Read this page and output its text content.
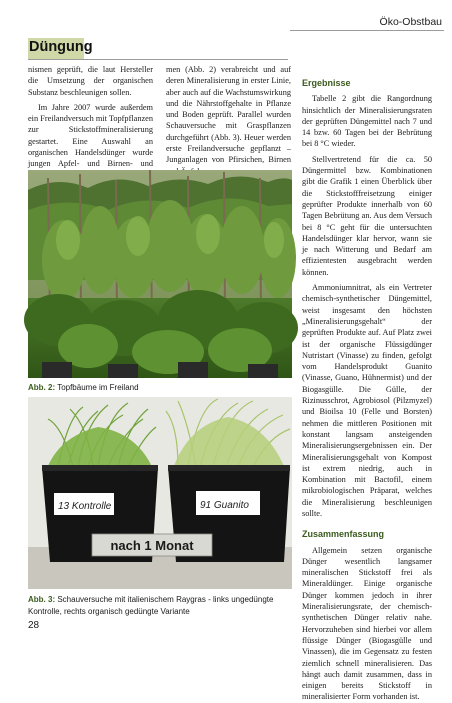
Öko-Obstbau
Düngung

nismen geprüft, die laut Hersteller die Umsetzung der organischen Substanz beschleunigen sollen.

Im Jahre 2007 wurde außerdem ein Freilandversuch mit Topfpflanzen zur Stickstoffmineralisierung gestartet. Eine Auswahl an organischen Handelsdünger wurde jungen Apfel- und Birnen- und

men (Abb. 2) verabreicht und auf deren Mineralisierung in erster Linie, aber auch auf die Wachstumswirkung und die Nährstoffgehalte in Pflanze und Boden geprüft. Parallel wurden Schauversuche mit Graspflanzen durchgeführt (Abb. 3). Heuer werden erste Freilandversuche gepflanzt – Junganlagen von Pfirsichen, Birnen

Abb. 2: Topfbäume im Freiland
13 Kontrolle	91 Guanito
nach 1 Monat
Abb. 3: Schauversuche mit italienischem Raygras - links ungedüngte Kontrolle, rechts organisch gedüngte Variante
Ergebnisse

Tabelle 2 gibt die Rangordnung hinsichtlich der Mineralisierungsraten der geprüften Düngemittel nach 7 und 14 bzw. 60 Tagen bei der Bebrütung bei 8 °C wieder.

Stellvertretend für die ca. 50 Düngermittel bzw. Kombinationen gibt die Grafik 1 einen Überblick über die Stickstofffreisetzung einiger geprüfter Produkte innerhalb von 60 Tagen Bebrütung an. Aus dem Versuch bei 8 °C geht für die untersuchten Handelsdünger klar hervor, wann sie je nach Witterung und Bedarf am effizientesten ausgebracht werden können.

Ammoniumnitrat, als ein Vertreter chemisch-synthetischer Düngemittel, weist insgesamt den höchsten „Mineralisierungsgehalt“ der geprüften Produkte auf. Auf Platz zwei ist der organische Flüssigdünger Nutristart (Vinasse) zu finden, gefolgt vom Handelsprodukt Guanito (Vinasse, Guano, Hühnermist) und der Biogasgülle. Die Gülle, der Rizinusschrot, Agrobiosol (Pilzmyzel) und Bioilsa 10 (Felle und Borsten) nehmen die mittleren Positionen mit konstant langsam ansteigenden Mineralisierungsergebnissen ein. Der Mineralisierungsgehalt von Kompost ist extrem niedrig, auch in Kombination mit Bactofil, einem mikrobiologischen Präparat, welches die Mineralisierung beschleunigen sollte.

Zusammenfassung

Allgemein setzen organische Dünger wesentlich langsamer mineralischen Stickstoff frei als Mineraldünger. Einige organische Dünger kommen jedoch in ihrer Mineralisierungsrate, der chemisch-synthetischen Dünger relativ nahe. Hervorzuheben sind hierbei vor allem flüssige Dünger (Biogasgülle und Vinassen), die im Gegensatz zu festen ziemlich schnell mineralisieren. Das hängt auch damit zusammen, dass in einigen bereits Stickstoff in mineralisierter Form vorhanden ist.

28
